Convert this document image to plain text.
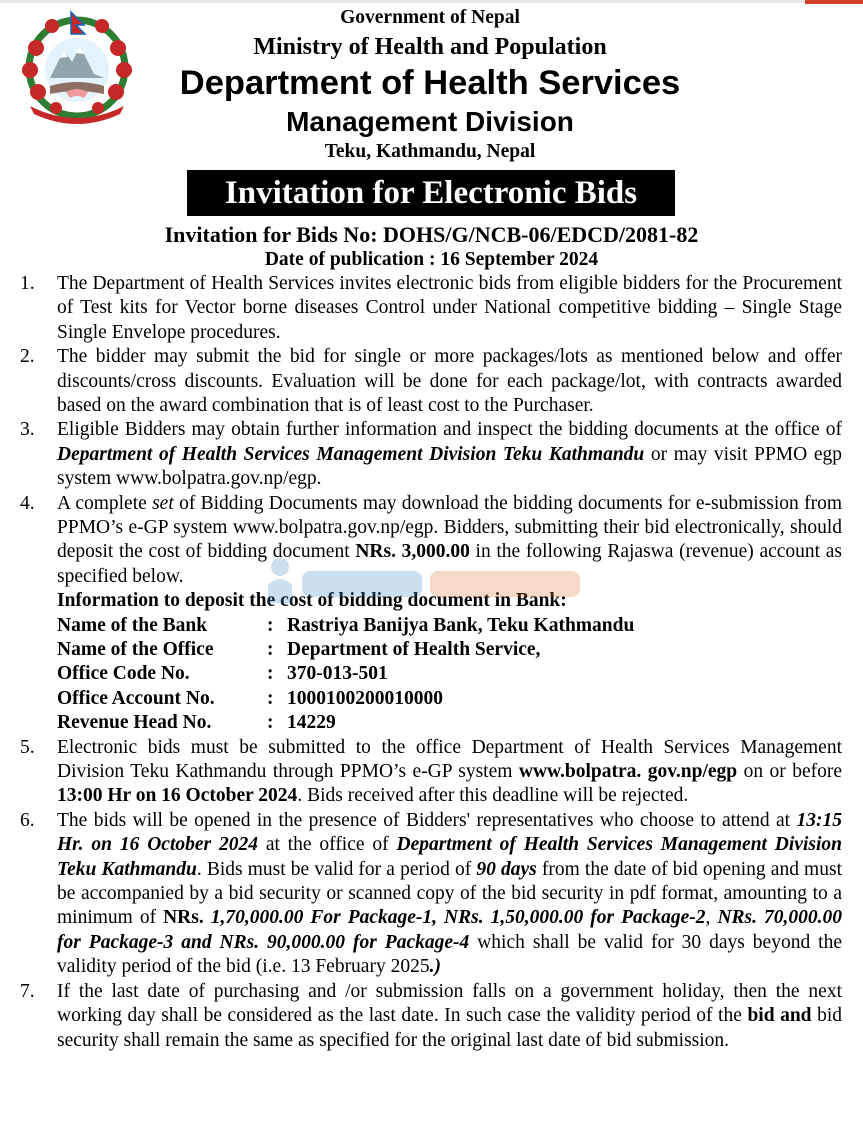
Government of Nepal
Ministry of Health and Population
Department of Health Services
Management Division
Teku, Kathmandu, Nepal
Invitation for Electronic Bids
Invitation for Bids No: DOHS/G/NCB-06/EDCD/2081-82
Date of publication : 16 September 2024
1. The Department of Health Services invites electronic bids from eligible bidders for the Procurement of Test kits for Vector borne diseases Control under National competitive bidding – Single Stage Single Envelope procedures.
2. The bidder may submit the bid for single or more packages/lots as mentioned below and offer discounts/cross discounts. Evaluation will be done for each package/lot, with contracts awarded based on the award combination that is of least cost to the Purchaser.
3. Eligible Bidders may obtain further information and inspect the bidding documents at the office of Department of Health Services Management Division Teku Kathmandu or may visit PPMO egp system www.bolpatra.gov.np/egp.
4. A complete set of Bidding Documents may download the bidding documents for e-submission from PPMO’s e-GP system www.bolpatra.gov.np/egp. Bidders, submitting their bid electronically, should deposit the cost of bidding document NRs. 3,000.00 in the following Rajaswa (revenue) account as specified below.
Information to deposit the cost of bidding document in Bank:
Name of the Bank	: Rastriya Banijya Bank, Teku Kathmandu
Name of the Office	: Department of Health Service,
Office Code No.	: 370-013-501
Office Account No.	: 1000100200010000
Revenue Head No.	: 14229
5. Electronic bids must be submitted to the office Department of Health Services Management Division Teku Kathmandu through PPMO’s e-GP system www.bolpatra. gov.np/egp on or before 13:00 Hr on 16 October 2024. Bids received after this deadline will be rejected.
6. The bids will be opened in the presence of Bidders' representatives who choose to attend at 13:15 Hr. on 16 October 2024 at the office of Department of Health Services Management Division Teku Kathmandu. Bids must be valid for a period of 90 days from the date of bid opening and must be accompanied by a bid security or scanned copy of the bid security in pdf format, amounting to a minimum of NRs. 1,70,000.00 For Package-1, NRs. 1,50,000.00 for Package-2, NRs. 70,000.00 for Package-3 and NRs. 90,000.00 for Package-4 which shall be valid for 30 days beyond the validity period of the bid (i.e. 13 February 2025.)
7. If the last date of purchasing and /or submission falls on a government holiday, then the next working day shall be considered as the last date. In such case the validity period of the bid and bid security shall remain the same as specified for the original last date of bid submission.
